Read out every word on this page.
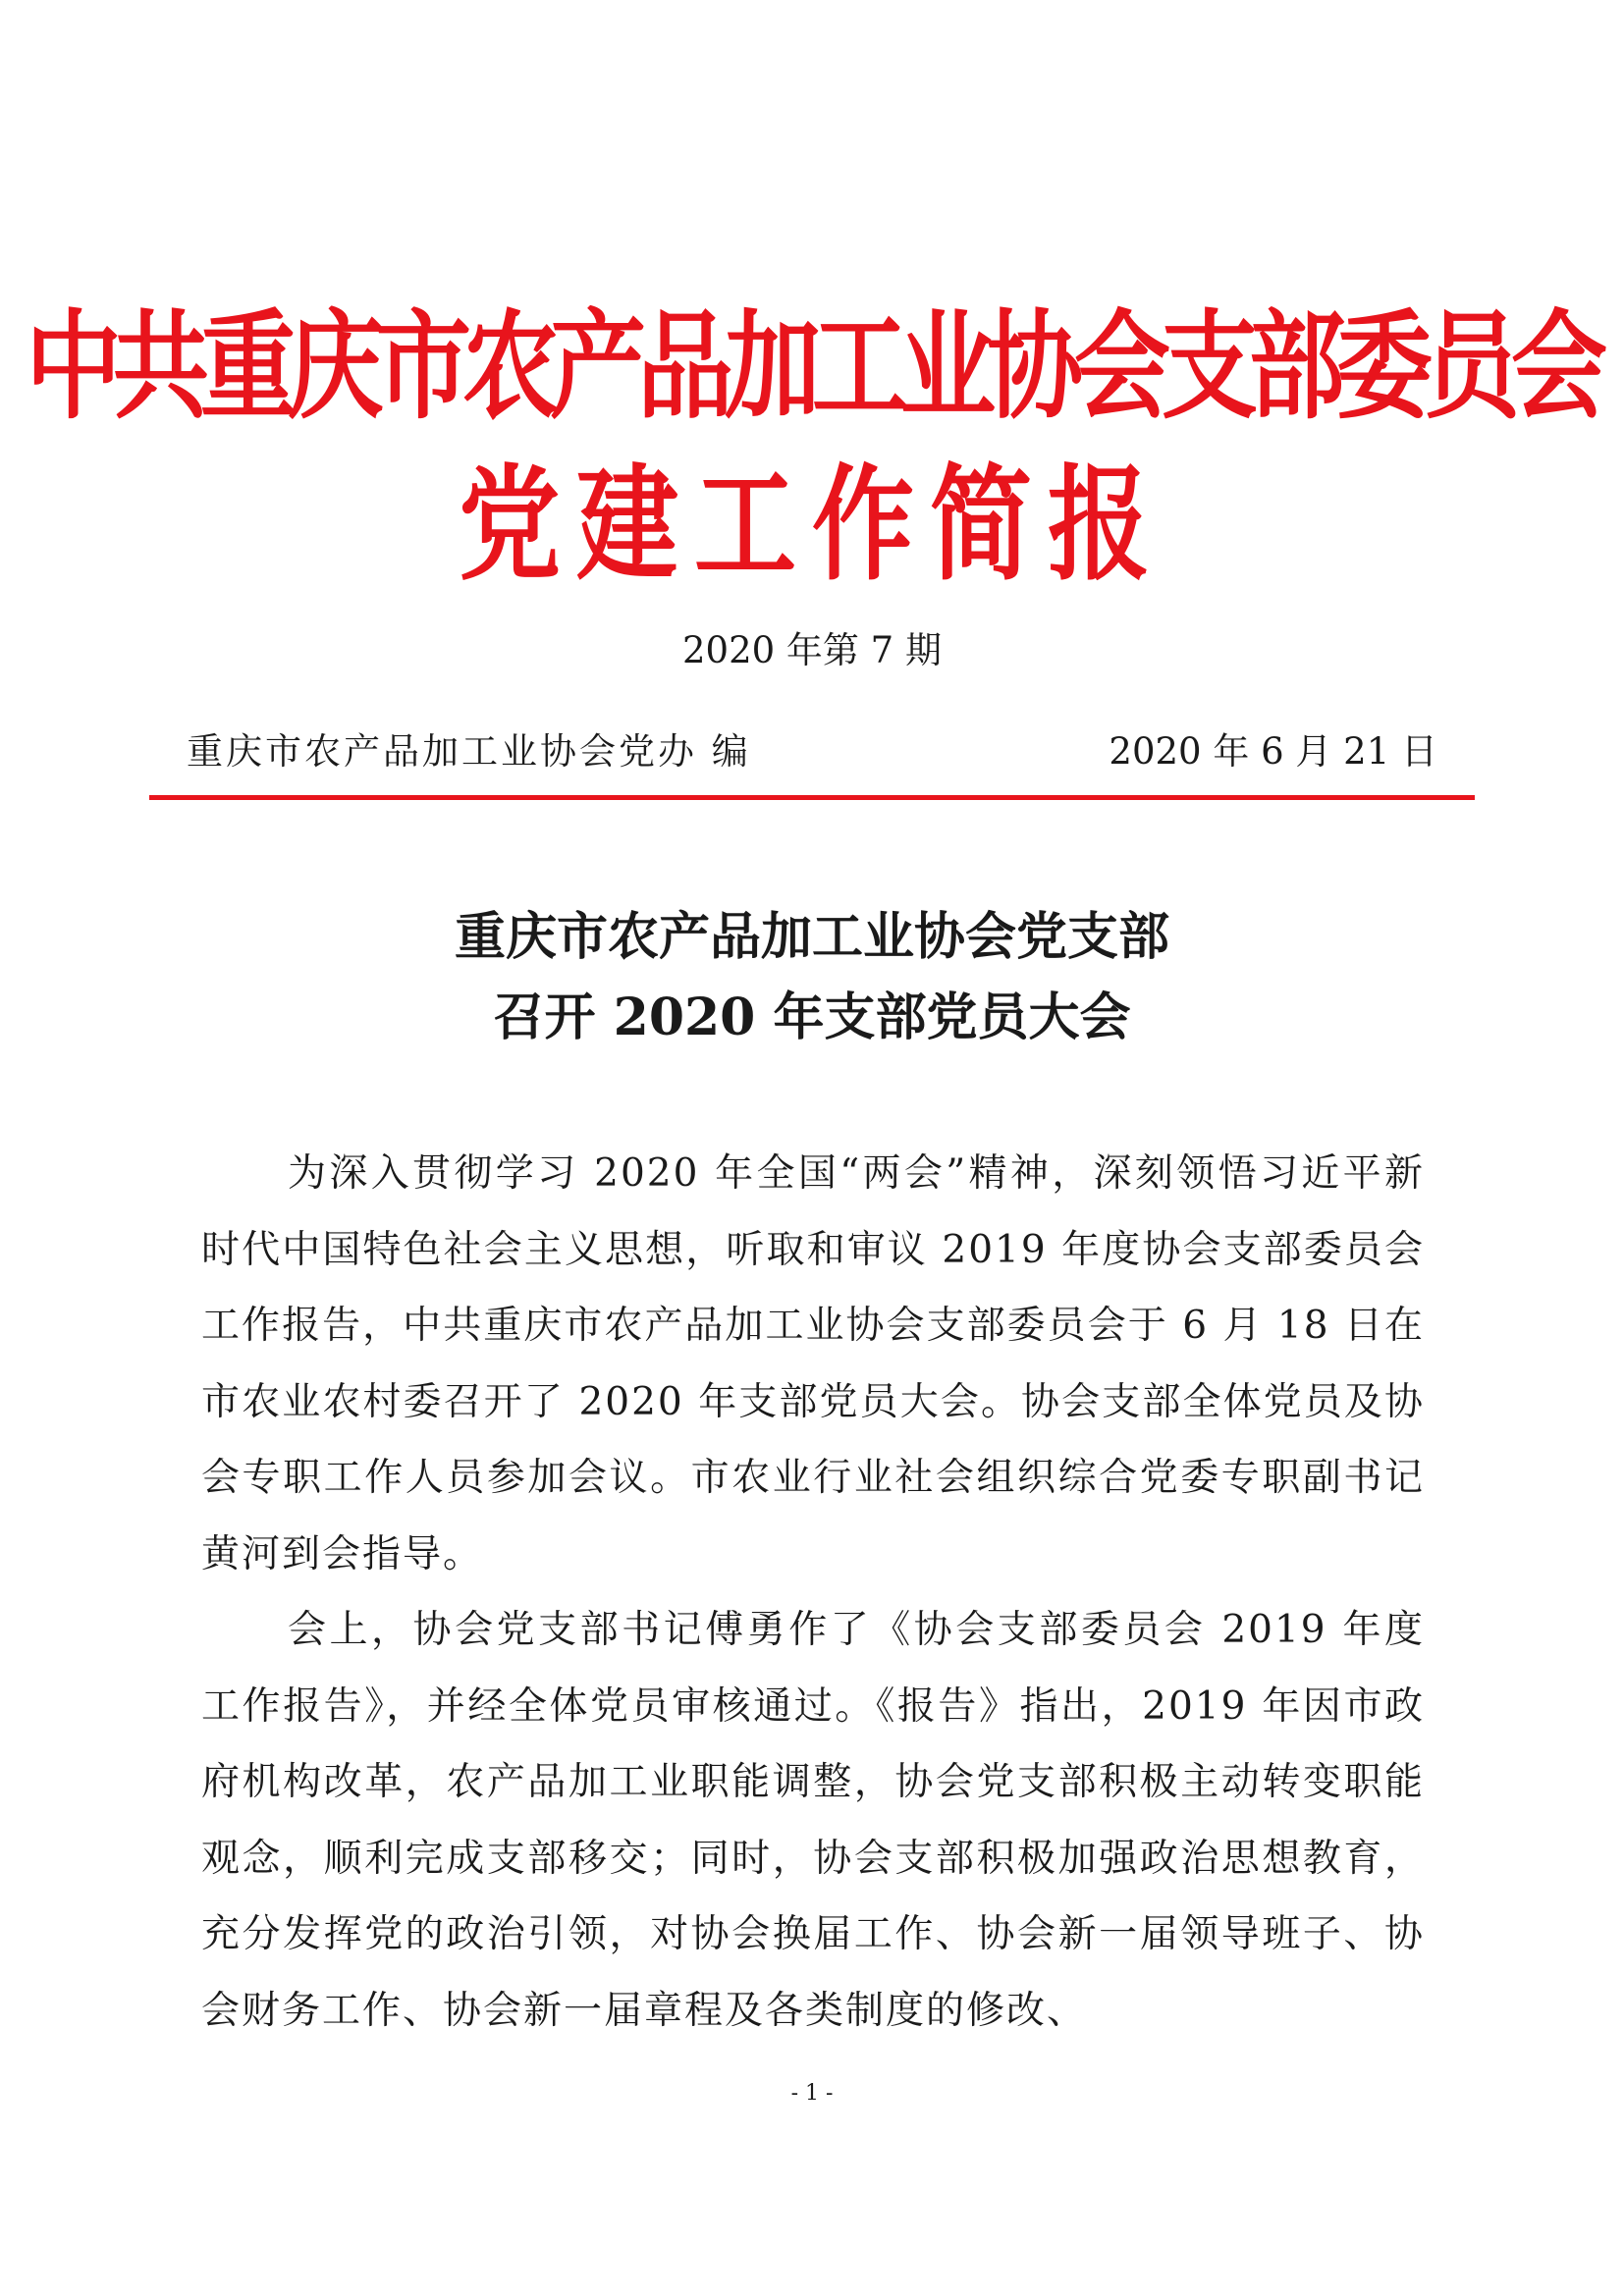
中共重庆市农产品加工业协会支部委员会
党建工作简报
2020 年第 7 期
重庆市农产品加工业协会党办 编	2020 年 6 月 21 日
重庆市农产品加工业协会党支部
召开 2020 年支部党员大会

为深入贯彻学习 2020 年全国“两会”精神，深刻领悟习近平新时代中国特色社会主义思想，听取和审议 2019 年度协会支部委员会工作报告，中共重庆市农产品加工业协会支部委员会于 6 月 18 日在市农业农村委召开了 2020 年支部党员大会。协会支部全体党员及协会专职工作人员参加会议。市农业行业社会组织综合党委专职副书记黄河到会指导。

会上，协会党支部书记傅勇作了《协会支部委员会 2019 年度工作报告》，并经全体党员审核通过。《报告》指出，2019 年因市政府机构改革，农产品加工业职能调整，协会党支部积极主动转变职能观念，顺利完成支部移交；同时，协会支部积极加强政治思想教育，充分发挥党的政治引领，对协会换届工作、协会新一届领导班子、协会财务工作、协会新一届章程及各类制度的修改、

- 1 -
